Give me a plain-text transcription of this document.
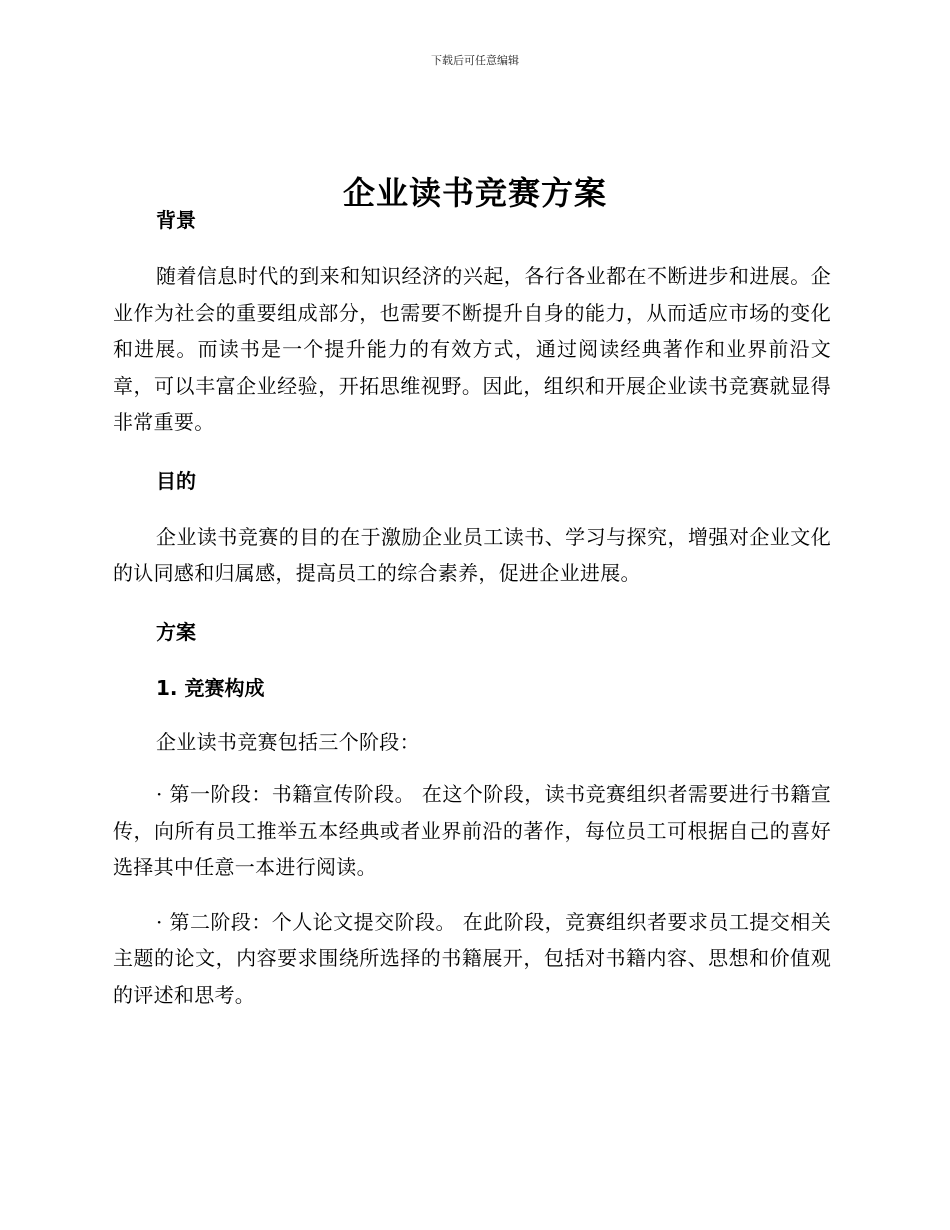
下载后可任意编辑
企业读书竞赛方案
背景

随着信息时代的到来和知识经济的兴起，各行各业都在不断进步和进展。企业作为社会的重要组成部分，也需要不断提升自身的能力，从而适应市场的变化和进展。而读书是一个提升能力的有效方式，通过阅读经典著作和业界前沿文章，可以丰富企业经验，开拓思维视野。因此，组织和开展企业读书竞赛就显得非常重要。

目的

企业读书竞赛的目的在于激励企业员工读书、学习与探究，增强对企业文化的认同感和归属感，提高员工的综合素养，促进企业进展。

方案
1. 竞赛构成

企业读书竞赛包括三个阶段：

· 第一阶段：书籍宣传阶段。 在这个阶段，读书竞赛组织者需要进行书籍宣传，向所有员工推举五本经典或者业界前沿的著作，每位员工可根据自己的喜好选择其中任意一本进行阅读。

· 第二阶段：个人论文提交阶段。 在此阶段，竞赛组织者要求员工提交相关主题的论文，内容要求围绕所选择的书籍展开，包括对书籍内容、思想和价值观的评述和思考。
